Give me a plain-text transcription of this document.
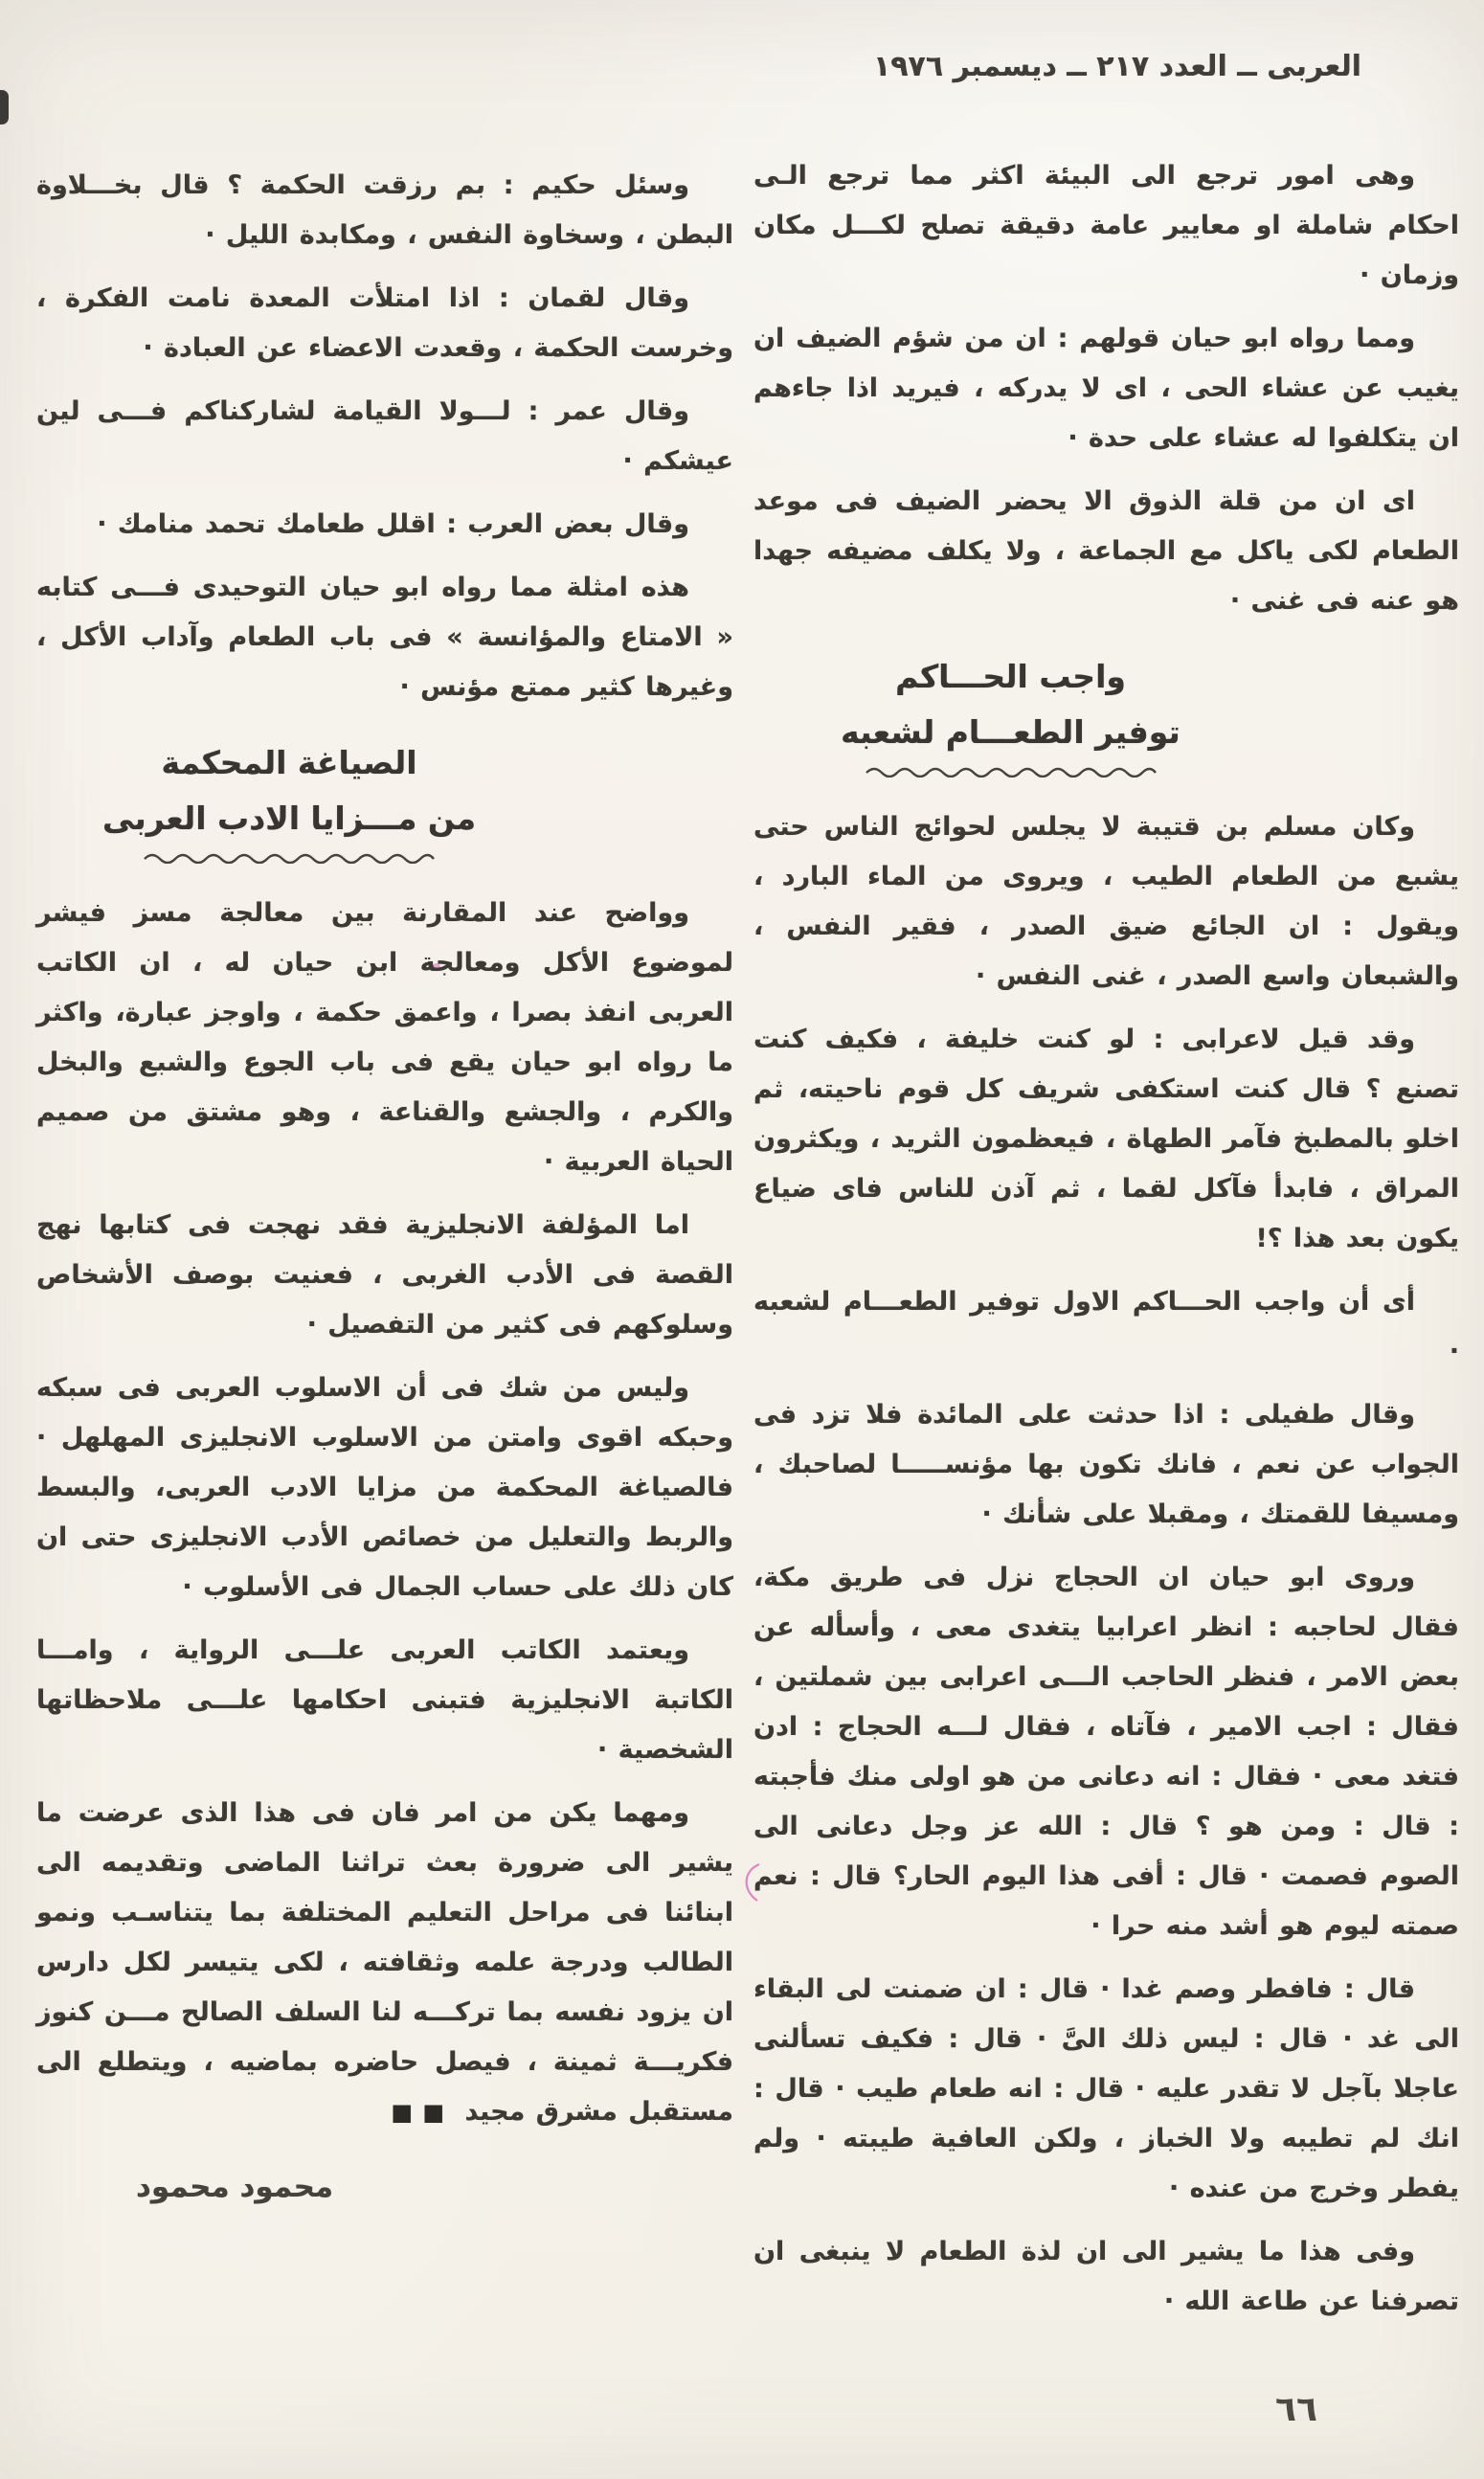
العربى ــ العدد ٢١٧ ــ ديسمبر ١٩٧٦

وهى امور ترجع الى البيئة اكثر مما ترجع الـى احكام شاملة او معايير عامة دقيقة تصلح لكـــل مكان وزمان ·

ومما رواه ابو حيان قولهم : ان من شؤم الضيف ان يغيب عن عشاء الحى ، اى لا يدركه ، فيريد اذا جاءهم ان يتكلفوا له عشاء على حدة ·

اى ان من قلة الذوق الا يحضر الضيف فى موعد الطعام لكى ياكل مع الجماعة ، ولا يكلف مضيفه جهدا هو عنه فى غنى ·

واجب الحـــاكم
توفير الطعـــام لشعبه

وكان مسلم بن قتيبة لا يجلس لحوائج الناس حتى يشبع من الطعام الطيب ، ويروى من الماء البارد ، ويقول : ان الجائع ضيق الصدر ، فقير النفس ، والشبعان واسع الصدر ، غنى النفس ·

وقد قيل لاعرابى : لو كنت خليفة ، فكيف كنت تصنع ؟ قال كنت استكفى شريف كل قوم ناحيته، ثم اخلو بالمطبخ فآمر الطهاة ، فيعظمون الثريد ، ويكثرون المراق ، فابدأ فآكل لقما ، ثم آذن للناس فاى ضياع يكون بعد هذا ؟!

أى أن واجب الحـــاكم الاول توفير الطعـــام لشعبه ·

وقال طفيلى : اذا حدثت على المائدة فلا تزد فى الجواب عن نعم ، فانك تكون بها مؤنســـــا لصاحبك ، ومسيفا للقمتك ، ومقبلا على شأنك ·

وروى ابو حيان ان الحجاج نزل فى طريق مكة، فقال لحاجبه : انظر اعرابيا يتغدى معى ، وأسأله عن بعض الامر ، فنظر الحاجب الـــى اعرابى بين شملتين ، فقال : اجب الامير ، فآتاه ، فقال لـــه الحجاج : ادن فتغد معى · فقال : انه دعانى من هو اولى منك فأجبته : قال : ومن هو ؟ قال : الله عز وجل دعانى الى الصوم فصمت · قال : أفى هذا اليوم الحار؟ قال : نعم صمته ليوم هو أشد منه حرا ·

قال : فافطر وصم غدا · قال : ان ضمنت لى البقاء الى غد · قال : ليس ذلك الىَّ · قال : فكيف تسألنى عاجلا بآجل لا تقدر عليه · قال : انه طعام طيب · قال : انك لم تطيبه ولا الخباز ، ولكن العافية طيبته · ولم يفطر وخرج من عنده ·

وفى هذا ما يشير الى ان لذة الطعام لا ينبغى ان تصرفنا عن طاعة الله ·

وسئل حكيم : بم رزقت الحكمة ؟ قال بخـــلاوة البطن ، وسخاوة النفس ، ومكابدة الليل ·

وقال لقمان : اذا امتلأت المعدة نامت الفكرة ، وخرست الحكمة ، وقعدت الاعضاء عن العبادة ·

وقال عمر : لـــولا القيامة لشاركناكم فـــى لين عيشكم ·

وقال بعض العرب : اقلل طعامك تحمد منامك ·

هذه امثلة مما رواه ابو حيان التوحيدى فـــى كتابه « الامتاع والمؤانسة » فى باب الطعام وآداب الأكل ، وغيرها كثير ممتع مؤنس ·

الصياغة المحكمة
من مـــزايا الادب العربى

وواضح عند المقارنة بين معالجة مسز فيشر لموضوع الأكل ومعالجة ابن حيان له ، ان الكاتب العربى انفذ بصرا ، واعمق حكمة ، واوجز عبارة، واكثر ما رواه ابو حيان يقع فى باب الجوع والشبع والبخل والكرم ، والجشع والقناعة ، وهو مشتق من صميم الحياة العربية ·

اما المؤلفة الانجليزية فقد نهجت فى كتابها نهج القصة فى الأدب الغربى ، فعنيت بوصف الأشخاص وسلوكهم فى كثير من التفصيل ·

وليس من شك فى أن الاسلوب العربى فى سبكه وحبكه اقوى وامتن من الاسلوب الانجليزى المهلهل · فالصياغة المحكمة من مزايا الادب العربى، والبسط والربط والتعليل من خصائص الأدب الانجليزى حتى ان كان ذلك على حساب الجمال فى الأسلوب ·

ويعتمد الكاتب العربى علـــى الرواية ، وامـــا الكاتبة الانجليزية فتبنى احكامها علـــى ملاحظاتها الشخصية ·

ومهما يكن من امر فان فى هذا الذى عرضت ما يشير الى ضرورة بعث تراثنا الماضى وتقديمه الى ابنائنا فى مراحل التعليم المختلفة بما يتناسـب ونمو الطالب ودرجة علمه وثقافته ، لكى يتيسر لكل دارس ان يزود نفسه بما تركـــه لنا السلف الصالح مـــن كنوز فكريـــة ثمينة ، فيصل حاضره بماضيه ، ويتطلع الى مستقبل مشرق مجيد ■ ■

محمود محمود
٦٦
